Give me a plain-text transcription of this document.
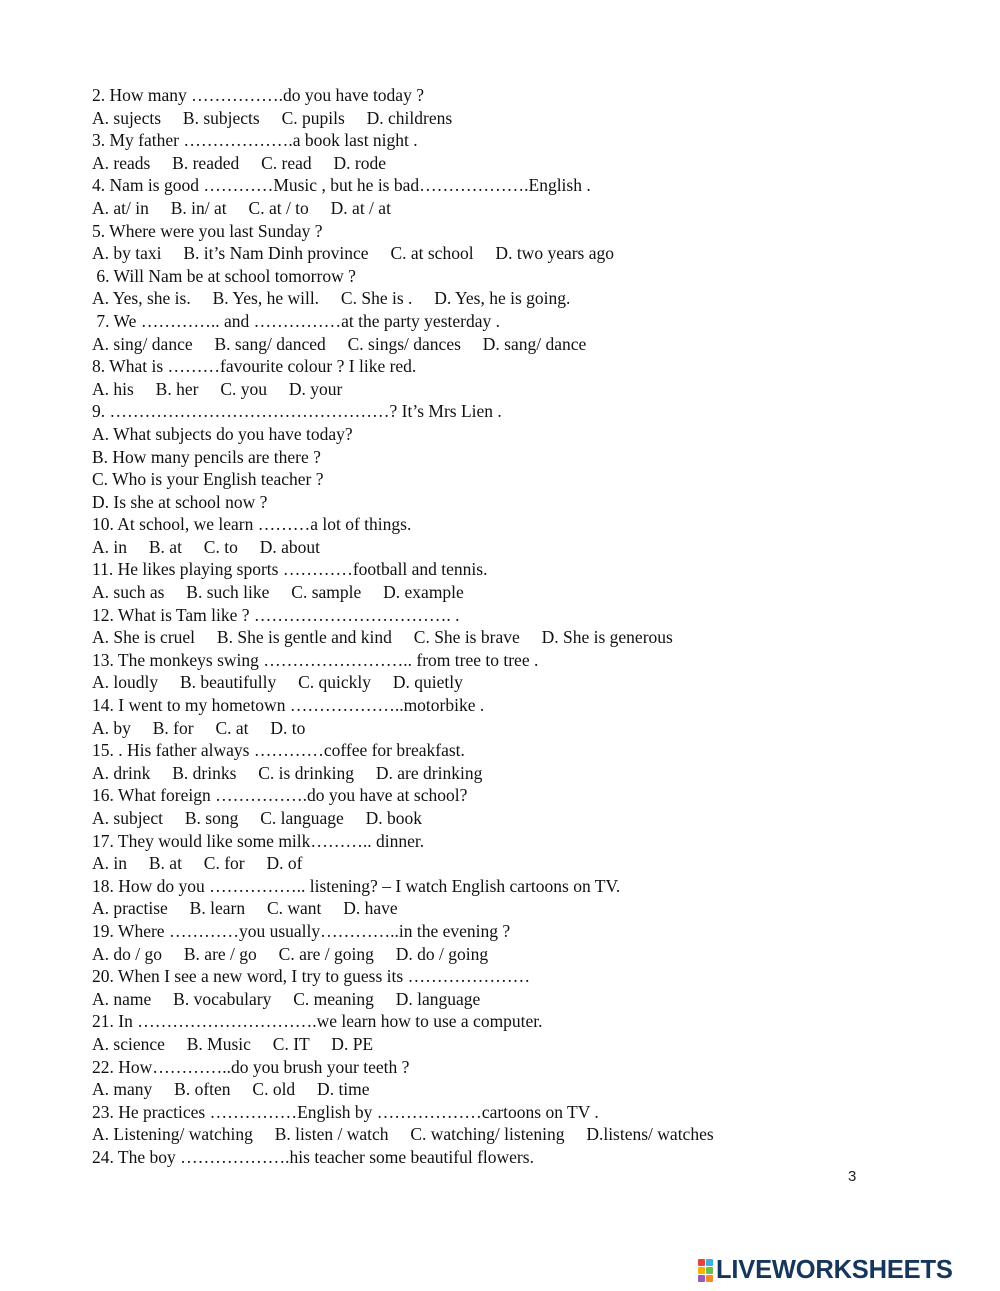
2. How many …………….do you have today ?
A. sujects     B. subjects     C. pupils     D. childrens
3. My father ……………….a book last night .
A. reads     B. readed     C. read     D. rode
4. Nam is good …………Music , but he is bad……………….English .
A. at/ in     B. in/ at     C. at / to     D. at / at
5. Where were you last Sunday ?
A. by taxi     B. it’s Nam Dinh province     C. at school     D. two years ago
6. Will Nam be at school tomorrow ?
A. Yes, she is.     B. Yes, he will.     C. She is .     D. Yes, he is going.
7. We ………….. and ……………at the party yesterday .
A. sing/ dance     B. sang/ danced     C. sings/ dances     D. sang/ dance
8. What is ………favourite colour ? I like red.
A. his     B. her     C. you     D. your
9. …………………………………………? It’s Mrs Lien .
A. What subjects do you have today?
B. How many pencils are there ?
C. Who is your English teacher ?
D. Is she at school now ?
10. At school, we learn ………a lot of things.
A. in     B. at     C. to     D. about
11. He likes playing sports …………football and tennis.
A. such as     B. such like     C. sample     D. example
12. What is Tam like ? ……………………………. .
A. She is cruel     B. She is gentle and kind     C. She is brave     D. She is generous
13. The monkeys swing …………………….. from tree to tree .
A. loudly     B. beautifully     C. quickly     D. quietly
14. I went to my hometown ………………..motorbike .
A. by     B. for     C. at     D. to
15. . His father always …………coffee for breakfast.
A. drink     B. drinks     C. is drinking     D. are drinking
16. What foreign …………….do you have at school?
A. subject     B. song     C. language     D. book
17. They would like some milk……….. dinner.
A. in     B. at     C. for     D. of
18. How do you …………….. listening? – I watch English cartoons on TV.
A. practise     B. learn     C. want     D. have
19. Where …………you usually…………..in the evening ?
A. do / go     B. are / go     C. are / going     D. do / going
20. When I see a new word, I try to guess its …………………
A. name     B. vocabulary     C. meaning     D. language
21. In ………………………….we learn how to use a computer.
A. science     B. Music     C. IT     D. PE
22. How…………..do you brush your teeth ?
A. many     B. often     C. old     D. time
23. He practices ……………English by ………………cartoons on TV .
A. Listening/ watching     B. listen / watch     C. watching/ listening     D.listens/ watches
24. The boy ……………….his teacher some beautiful flowers.
3
LIVEWORKSHEETS
